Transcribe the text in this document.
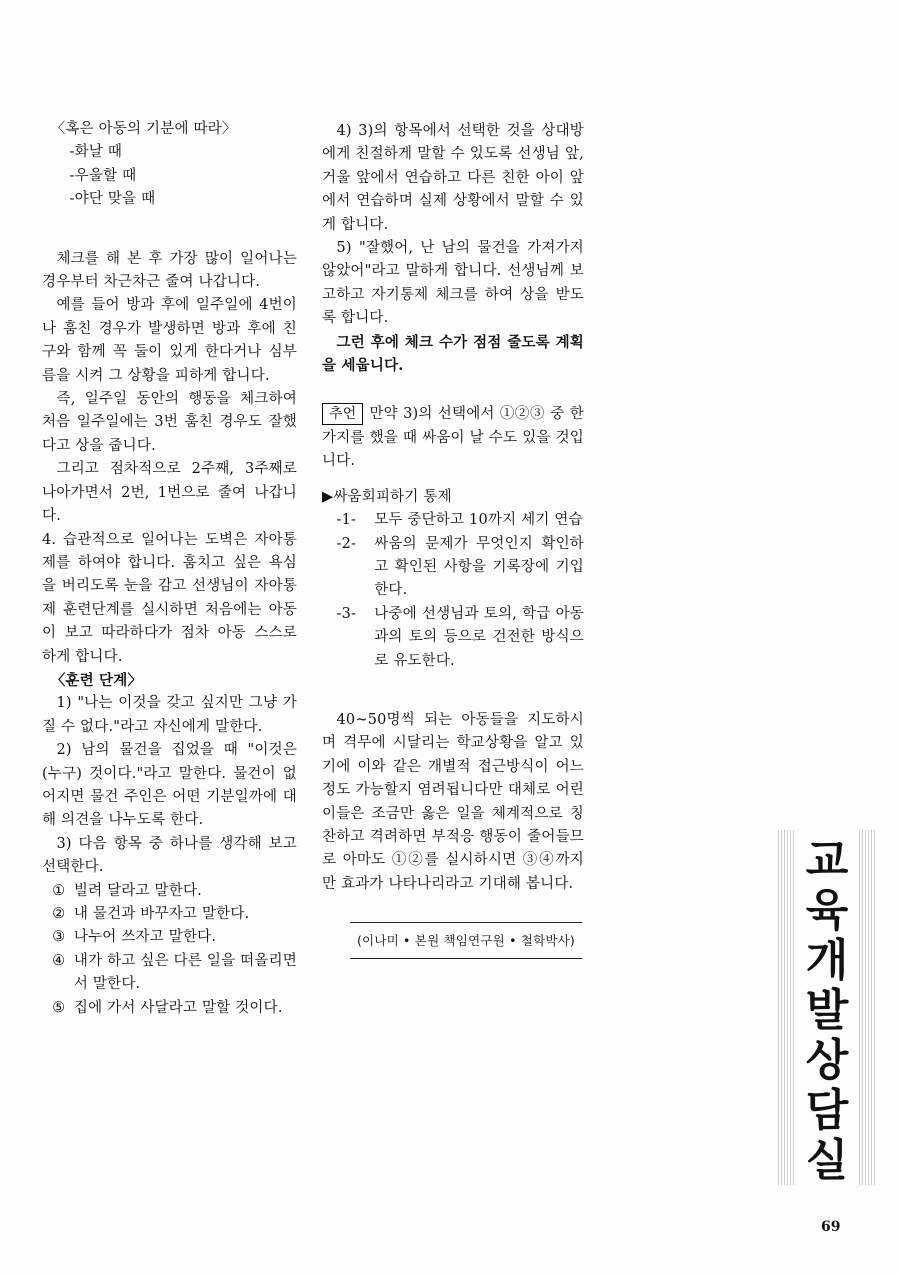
〈혹은 아동의 기분에 따라〉

-화날 때

-우울할 때

-야단 맞을 때

체크를 해 본 후 가장 많이 일어나는 경우부터 차근차근 줄여 나갑니다.

예를 들어 방과 후에 일주일에 4번이나 훔친 경우가 발생하면 방과 후에 친구와 함께 꼭 둘이 있게 한다거나 심부름을 시켜 그 상황을 피하게 합니다.

즉, 일주일 동안의 행동을 체크하여 처음 일주일에는 3번 훔친 경우도 잘했다고 상을 줍니다.

그리고 점차적으로 2주째, 3주째로 나아가면서 2번, 1번으로 줄여 나갑니다.

4. 습관적으로 일어나는 도벽은 자아통제를 하여야 합니다. 훔치고 싶은 욕심을 버리도록 눈을 감고 선생님이 자아통제 훈련단계를 실시하면 처음에는 아동이 보고 따라하다가 점차 아동 스스로 하게 합니다.

〈훈련 단계〉

1) "나는 이것을 갖고 싶지만 그냥 가질 수 없다."라고 자신에게 말한다.

2) 남의 물건을 집었을 때 "이것은 (누구) 것이다."라고 말한다. 물건이 없어지면 물건 주인은 어떤 기분일까에 대해 의견을 나누도록 한다.

3) 다음 항목 중 하나를 생각해 보고 선택한다.

① 빌려 달라고 말한다.
② 내 물건과 바꾸자고 말한다.
③ 나누어 쓰자고 말한다.
④ 내가 하고 싶은 다른 일을 떠올리면서 말한다.
⑤ 집에 가서 사달라고 말할 것이다.

4) 3)의 항목에서 선택한 것을 상대방에게 친절하게 말할 수 있도록 선생님 앞, 거울 앞에서 연습하고 다른 친한 아이 앞에서 연습하며 실제 상황에서 말할 수 있게 합니다.

5) "잘했어, 난 남의 물건을 가져가지 않았어"라고 말하게 합니다. 선생님께 보고하고 자기통제 체크를 하여 상을 받도록 합니다.

그런 후에 체크 수가 점점 줄도록 계획을 세웁니다.

추언 만약 3)의 선택에서 ①②③ 중 한 가지를 했을 때 싸움이 날 수도 있을 것입니다.

▶싸움회피하기 통제

-1-	모두 중단하고 10까지 세기 연습
-2-	싸움의 문제가 무엇인지 확인하고 확인된 사항을 기록장에 기입한다.
-3-	나중에 선생님과 토의, 학급 아동과의 토의 등으로 건전한 방식으로 유도한다.

40~50명씩 되는 아동들을 지도하시며 격무에 시달리는 학교상황을 알고 있기에 이와 같은 개별적 접근방식이 어느 정도 가능할지 염려됩니다만 대체로 어린이들은 조금만 옳은 일을 체계적으로 칭찬하고 격려하면 부적응 행동이 줄어들므로 아마도 ①②를 실시하시면 ③④까지만 효과가 나타나리라고 기대해 봅니다.

(이나미 • 본원 책임연구원 • 철학박사)
교
육
개
발
상
담
실
69
